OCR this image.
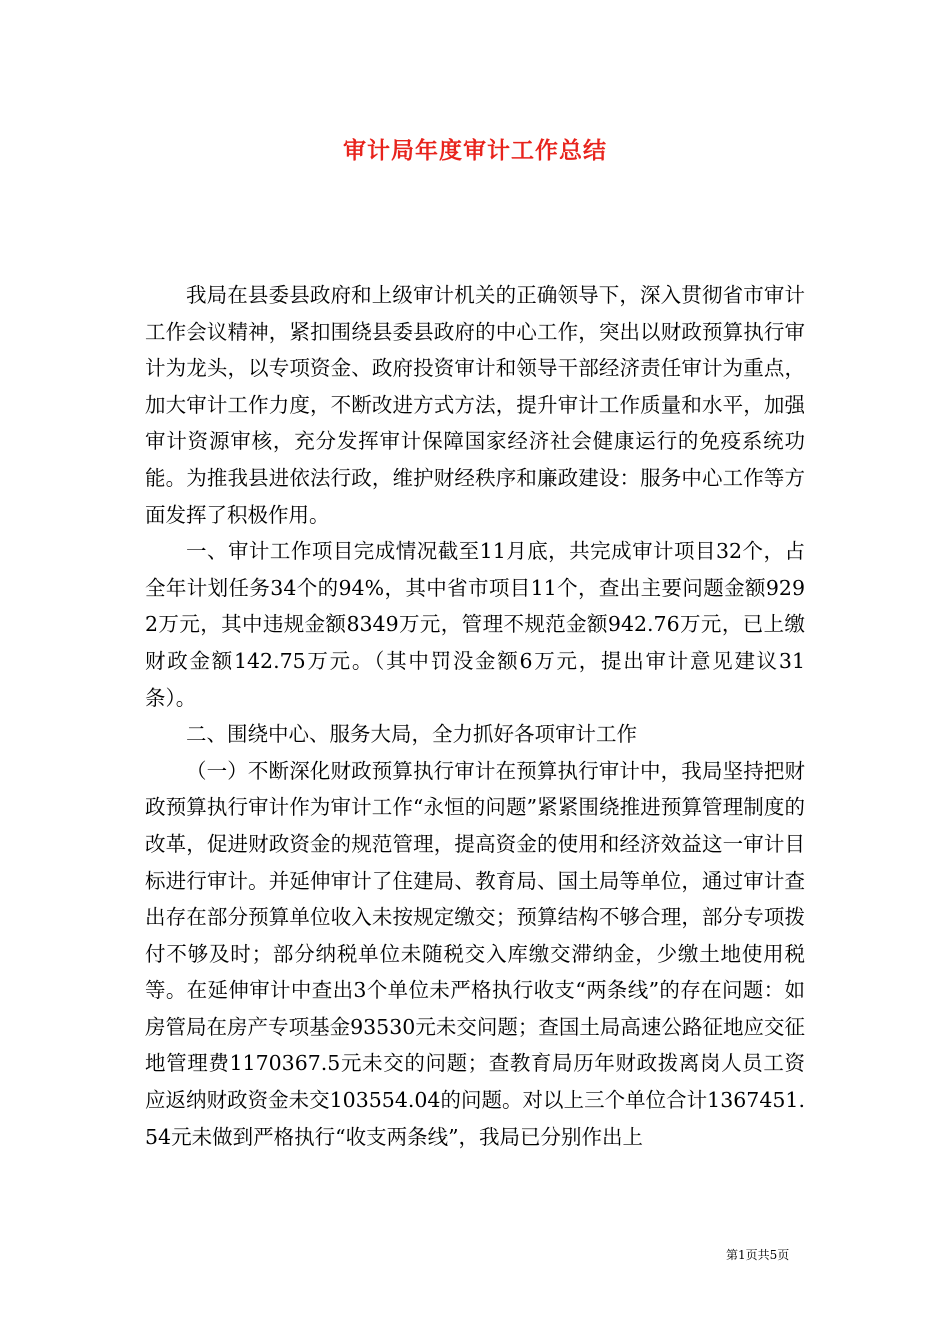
审计局年度审计工作总结

我局在县委县政府和上级审计机关的正确领导下，深入贯彻省市审计工作会议精神，紧扣围绕县委县政府的中心工作，突出以财政预算执行审计为龙头，以专项资金、政府投资审计和领导干部经济责任审计为重点，加大审计工作力度，不断改进方式方法，提升审计工作质量和水平，加强审计资源审核，充分发挥审计保障国家经济社会健康运行的免疫系统功能。为推我县进依法行政，维护财经秩序和廉政建设：服务中心工作等方面发挥了积极作用。

一、审计工作项目完成情况截至11月底，共完成审计项目32个，占全年计划任务34个的94%，其中省市项目11个，查出主要问题金额9292万元，其中违规金额8349万元，管理不规范金额942.76万元，已上缴财政金额142.75万元。（其中罚没金额6万元，提出审计意见建议31条）。

二、围绕中心、服务大局，全力抓好各项审计工作

（一）不断深化财政预算执行审计在预算执行审计中，我局坚持把财政预算执行审计作为审计工作“永恒的问题”紧紧围绕推进预算管理制度的改革，促进财政资金的规范管理，提高资金的使用和经济效益这一审计目标进行审计。并延伸审计了住建局、教育局、国土局等单位，通过审计查出存在部分预算单位收入未按规定缴交；预算结构不够合理，部分专项拨付不够及时；部分纳税单位未随税交入库缴交滞纳金，少缴土地使用税等。在延伸审计中查出3个单位未严格执行收支“两条线”的存在问题：如房管局在房产专项基金93530元未交问题；查国土局高速公路征地应交征地管理费1170367.5元未交的问题；查教育局历年财政拨离岗人员工资应返纳财政资金未交103554.04的问题。对以上三个单位合计1367451.54元未做到严格执行“收支两条线”，我局已分别作出上

第1页共5页
